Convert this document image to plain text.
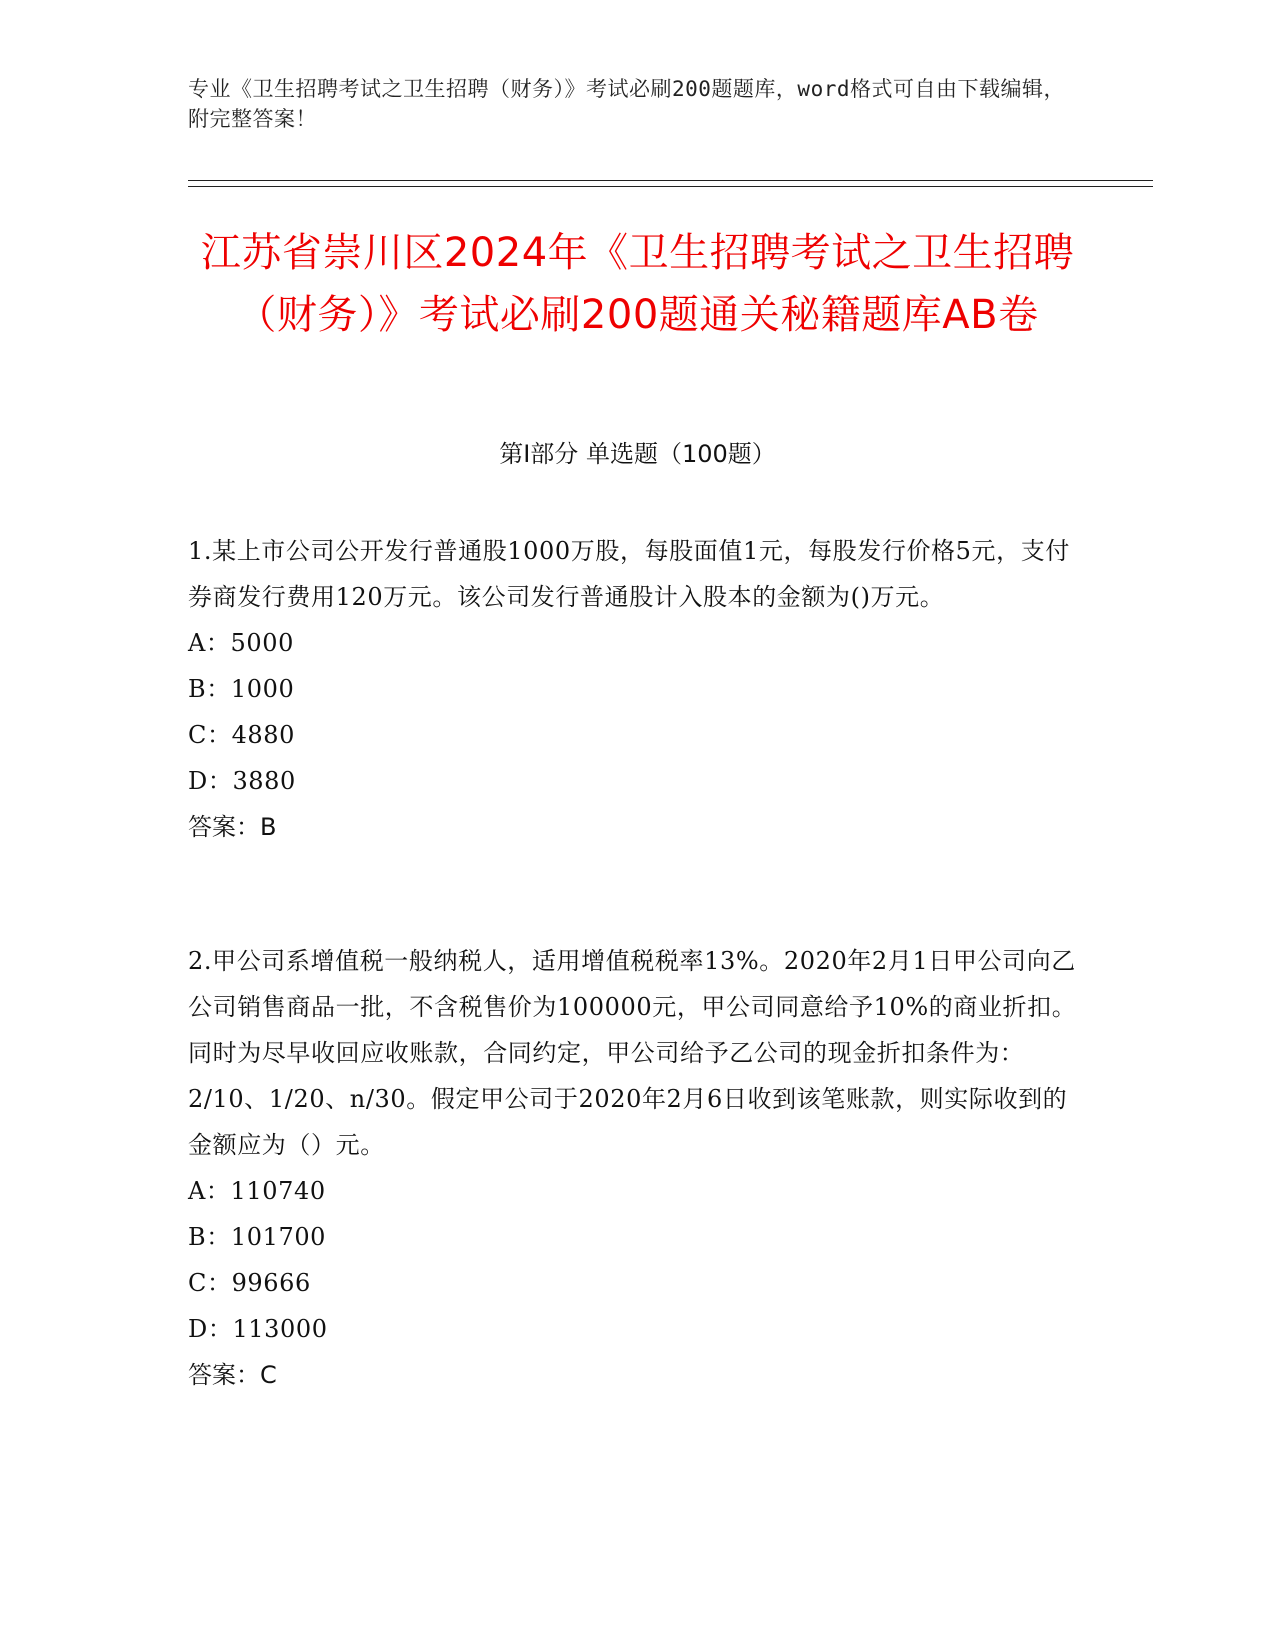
专业《卫生招聘考试之卫生招聘（财务）》考试必刷200题题库，word格式可自由下载编辑，附完整答案！
江苏省崇川区2024年《卫生招聘考试之卫生招聘（财务）》考试必刷200题通关秘籍题库AB卷
第Ⅰ部分 单选题（100题）

1.某上市公司公开发行普通股1000万股，每股面值1元，每股发行价格5元，支付券商发行费用120万元。该公司发行普通股计入股本的金额为()万元。

A：5000

B：1000

C：4880

D：3880

答案：B

2.甲公司系增值税一般纳税人，适用增值税税率13%。2020年2月1日甲公司向乙公司销售商品一批，不含税售价为100000元，甲公司同意给予10%的商业折扣。同时为尽早收回应收账款，合同约定，甲公司给予乙公司的现金折扣条件为：2/10、1/20、n/30。假定甲公司于2020年2月6日收到该笔账款，则实际收到的金额应为（）元。

A：110740

B：101700

C：99666

D：113000

答案：C
